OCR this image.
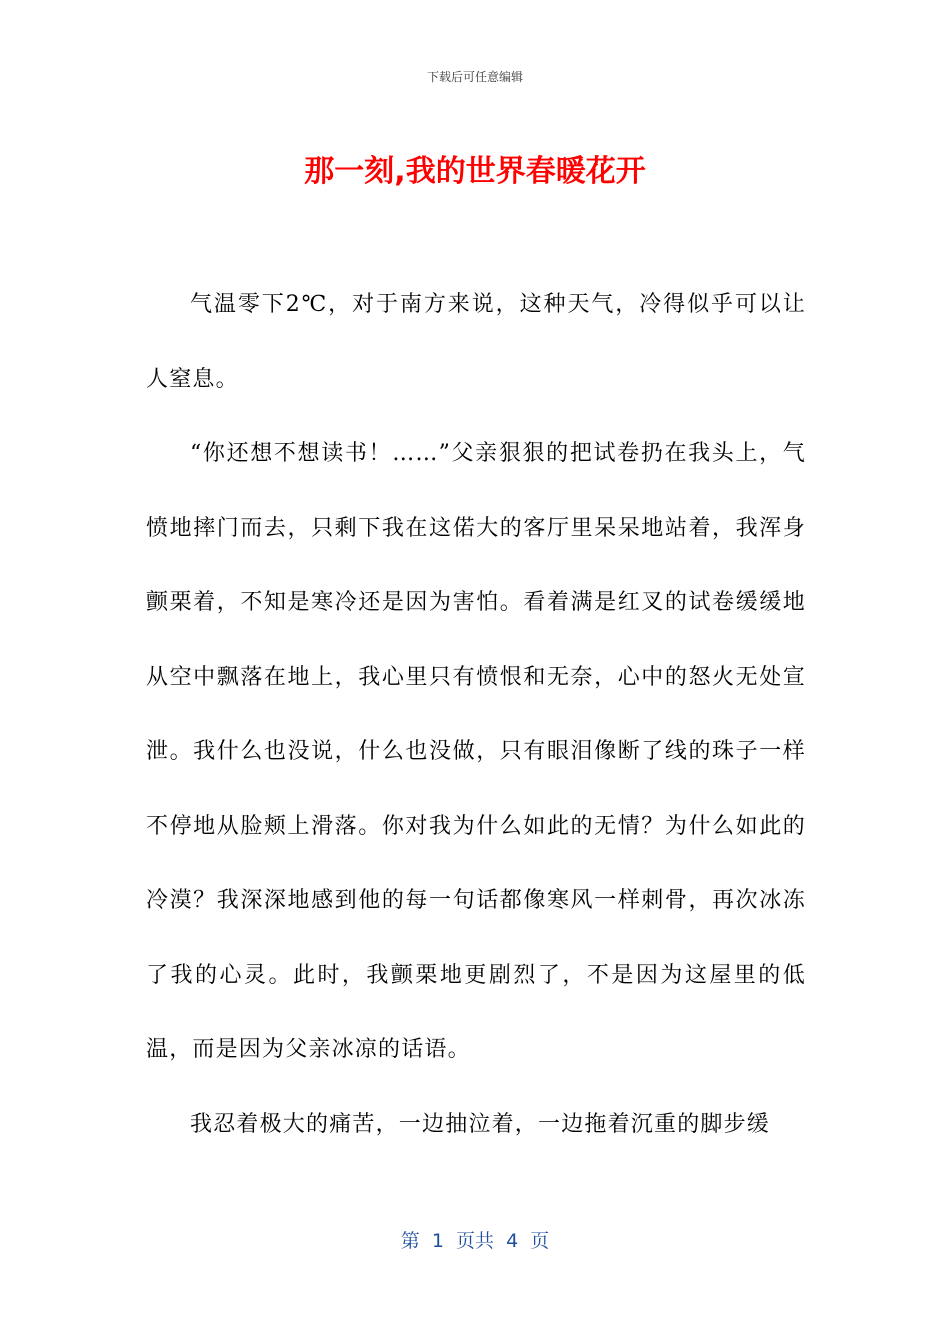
下载后可任意编辑
那一刻,我的世界春暖花开

气温零下2℃，对于南方来说，这种天气，冷得似乎可以让人窒息。

“你还想不想读书！……”父亲狠狠的把试卷扔在我头上，气愤地摔门而去，只剩下我在这偌大的客厅里呆呆地站着，我浑身颤栗着，不知是寒冷还是因为害怕。看着满是红叉的试卷缓缓地从空中飘落在地上，我心里只有愤恨和无奈，心中的怒火无处宣泄。我什么也没说，什么也没做，只有眼泪像断了线的珠子一样不停地从脸颊上滑落。你对我为什么如此的无情？为什么如此的冷漠？我深深地感到他的每一句话都像寒风一样刺骨，再次冰冻了我的心灵。此时，我颤栗地更剧烈了，不是因为这屋里的低温，而是因为父亲冰凉的话语。

我忍着极大的痛苦，一边抽泣着，一边拖着沉重的脚步缓

第  1  页共  4  页
